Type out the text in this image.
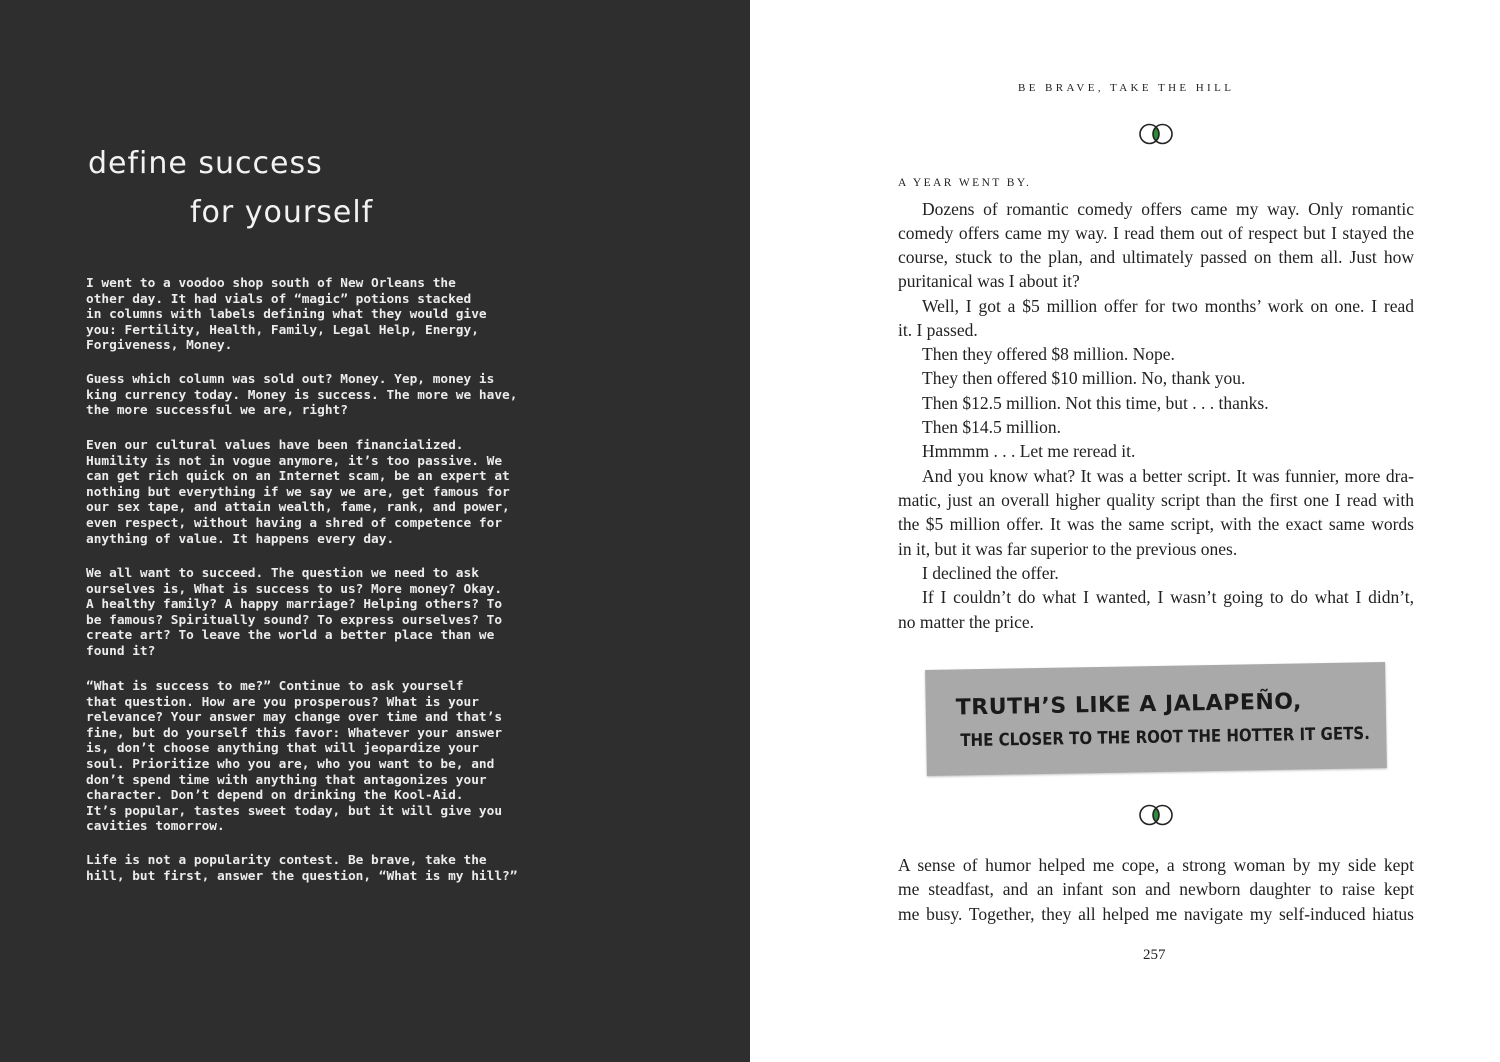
define success
for yourself

I went to a voodoo shop south of New Orleans the
other day. It had vials of “magic” potions stacked
in columns with labels defining what they would give
you: Fertility, Health, Family, Legal Help, Energy,
Forgiveness, Money.

Guess which column was sold out? Money. Yep, money is
king currency today. Money is success. The more we have,
the more successful we are, right?

Even our cultural values have been financialized.
Humility is not in vogue anymore, it’s too passive. We
can get rich quick on an Internet scam, be an expert at
nothing but everything if we say we are, get famous for
our sex tape, and attain wealth, fame, rank, and power,
even respect, without having a shred of competence for
anything of value. It happens every day.

We all want to succeed. The question we need to ask
ourselves is, What is success to us? More money? Okay.
A healthy family? A happy marriage? Helping others? To
be famous? Spiritually sound? To express ourselves? To
create art? To leave the world a better place than we
found it?

“What is success to me?” Continue to ask yourself
that question. How are you prosperous? What is your
relevance? Your answer may change over time and that’s
fine, but do yourself this favor: Whatever your answer
is, don’t choose anything that will jeopardize your
soul. Prioritize who you are, who you want to be, and
don’t spend time with anything that antagonizes your
character. Don’t depend on drinking the Kool-Aid.
It’s popular, tastes sweet today, but it will give you
cavities tomorrow.

Life is not a popularity contest. Be brave, take the
hill, but first, answer the question, “What is my hill?”

BE BRAVE, TAKE THE HILL
A YEAR WENT BY.
Dozens of romantic comedy offers came my way. Only romantic
comedy offers came my way. I read them out of respect but I stayed the
course, stuck to the plan, and ultimately passed on them all. Just how
puritanical was I about it?
Well, I got a $5 million offer for two months’ work on one. I read
it. I passed.
Then they offered $8 million. Nope.
They then offered $10 million. No, thank you.
Then $12.5 million. Not this time, but . . . thanks.
Then $14.5 million.
Hmmmm . . . Let me reread it.
And you know what? It was a better script. It was funnier, more dra-
matic, just an overall higher quality script than the first one I read with
the $5 million offer. It was the same script, with the exact same words
in it, but it was far superior to the previous ones.
I declined the offer.
If I couldn’t do what I wanted, I wasn’t going to do what I didn’t,
no matter the price.
TRUTH’S LIKE A JALAPEÑO,
THE CLOSER TO THE ROOT THE HOTTER IT GETS.
A sense of humor helped me cope, a strong woman by my side kept
me steadfast, and an infant son and newborn daughter to raise kept
me busy. Together, they all helped me navigate my self-induced hiatus
257
